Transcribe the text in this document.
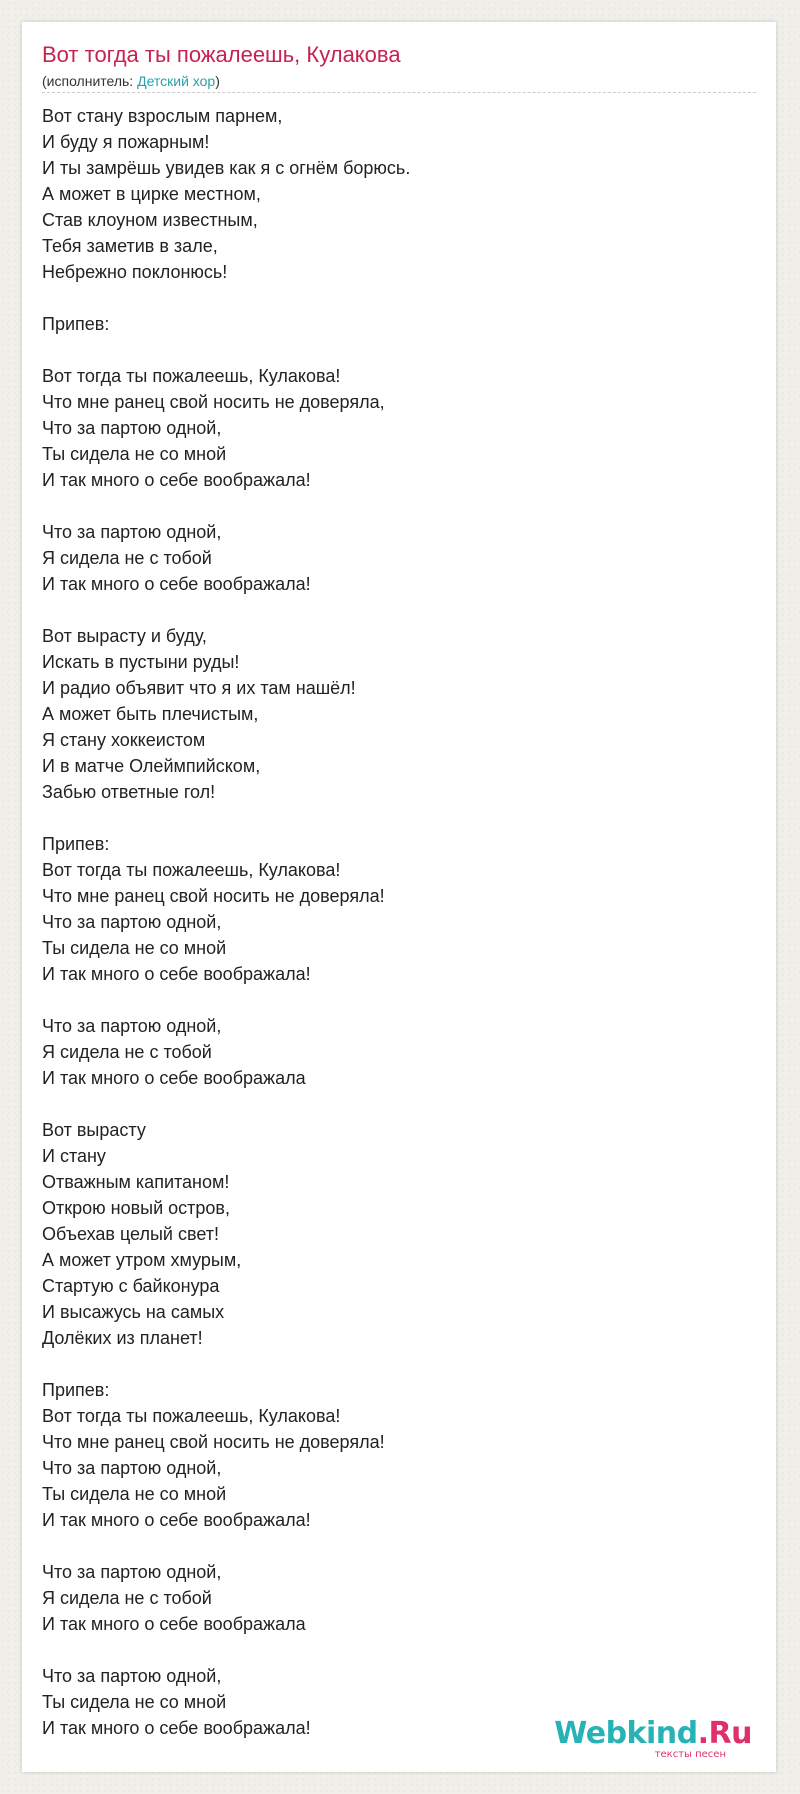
Вот тогда ты пожалеешь, Кулакова
(исполнитель: Детский хор)
Вот стану взрослым парнем,
И буду я пожарным!
И ты замрёшь увидев как я с огнём борюсь.
А может в цирке местном,
Став клоуном известным,
Тебя заметив в зале,
Небрежно поклонюсь!
Припев:
Вот тогда ты пожалеешь, Кулакова!
Что мне ранец свой носить не доверяла,
Что за партою одной,
Ты сидела не со мной
И так много о себе воображала!
Что за партою одной,
Я сидела не с тобой
И так много о себе воображала!
Вот вырасту и буду,
Искать в пустыни руды!
И радио объявит что я их там нашёл!
А может быть плечистым,
Я стану хоккеистом
И в матче Олеймпийском,
Забью ответные гол!
Припев:
Вот тогда ты пожалеешь, Кулакова!
Что мне ранец свой носить не доверяла!
Что за партою одной,
Ты сидела не со мной
И так много о себе воображала!
Что за партою одной,
Я сидела не с тобой
И так много о себе воображала
Вот вырасту
И стану
Отважным капитаном!
Открою новый остров,
Объехав целый свет!
А может утром хмурым,
Стартую с байконура
И высажусь на самых
Долёких из планет!
Припев:
Вот тогда ты пожалеешь, Кулакова!
Что мне ранец свой носить не доверяла!
Что за партою одной,
Ты сидела не со мной
И так много о себе воображала!
Что за партою одной,
Я сидела не с тобой
И так много о себе воображала
Что за партою одной,
Ты сидела не со мной
И так много о себе воображала!	Webkind.Ru
тексты песен
